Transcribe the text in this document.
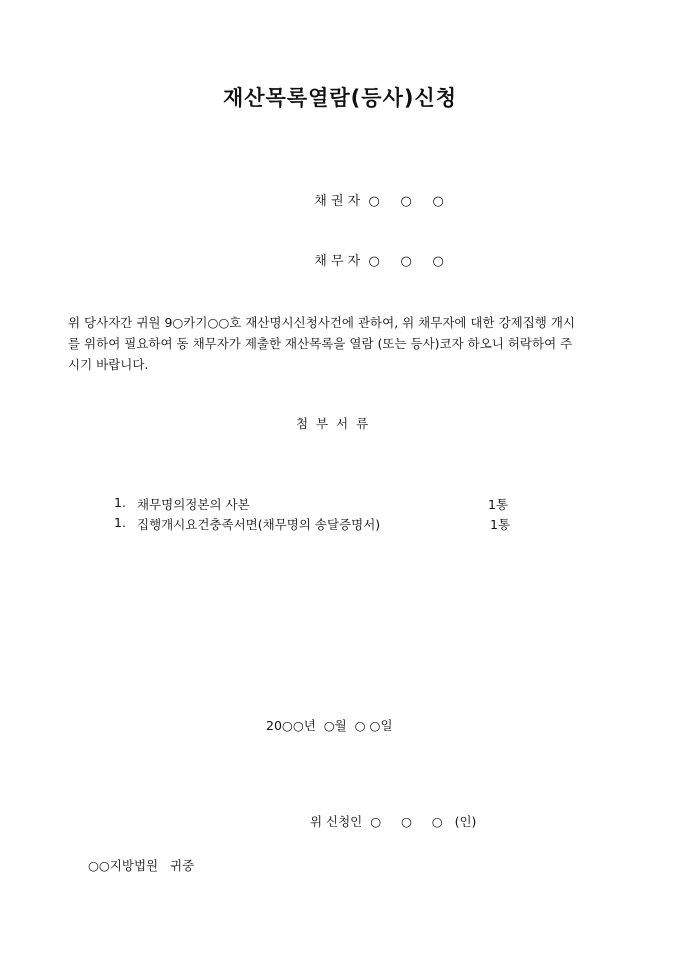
재산목록열람(등사)신청

채 권 자 ○     ○     ○

채 무 자 ○     ○     ○

위 당사자간 귀원 9○카기○○호 재산명시신청사건에 관하여, 위 채무자에 대한 강제집행 개시
를 위하여 필요하여 동 채무자가 제출한 재산목록을 열람 (또는 등사)코자 하오니 허락하여 주
시기 바랍니다.
첨  부  서  류
1. 채무명의정본의 사본	1통
1. 집행개시요건충족서면(채무명의 송달증명서)	1통
20○○년  ○월  ○ ○일

위 신청인 ○     ○     ○ (인)

○○지방법원   귀중
